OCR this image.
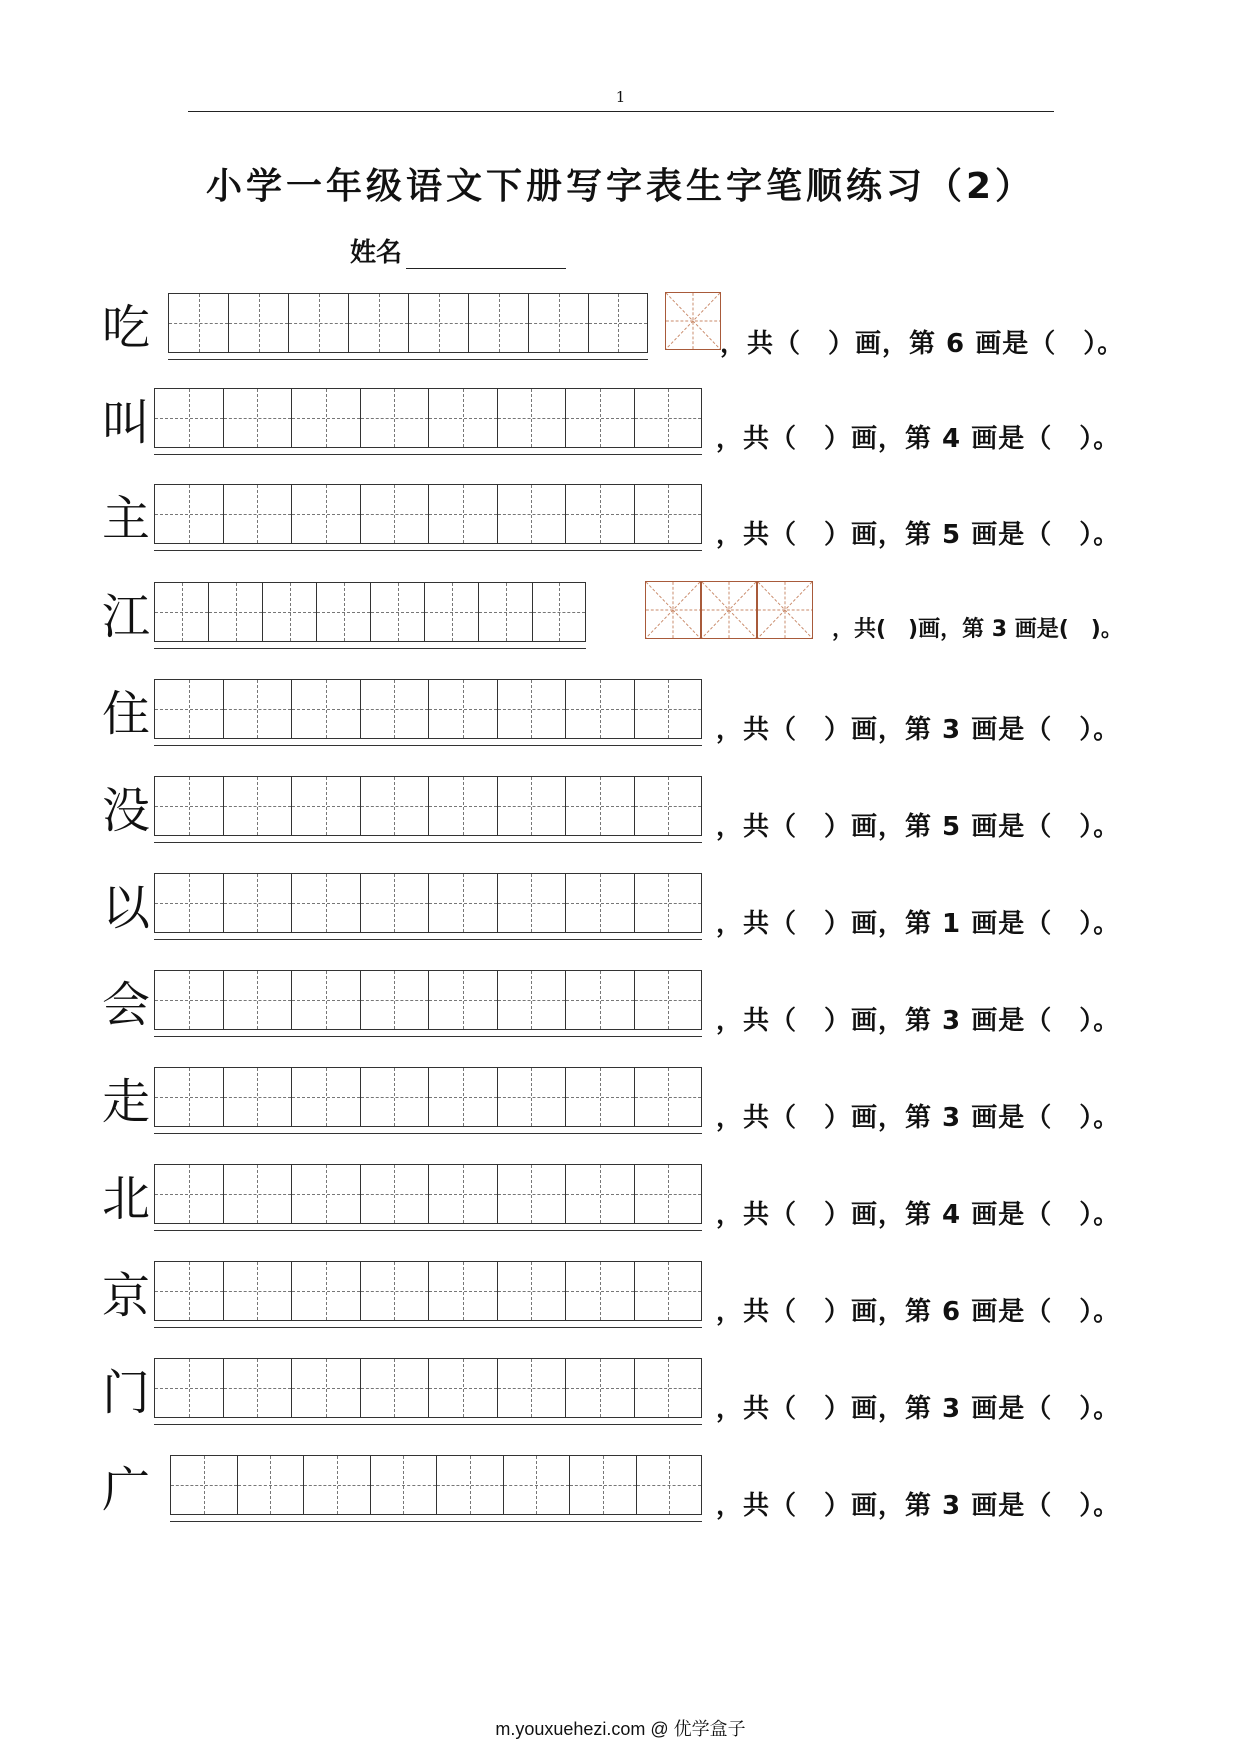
1
小学一年级语文下册写字表生字笔顺练习（2）
姓名
吃	，共（　）画，第 6 画是（　）。
叫	，共（　）画，第 4 画是（　）。
主	，共（　）画，第 5 画是（　）。
江	，共(　)画，第 3 画是(　)。
住	，共（　）画，第 3 画是（　）。
没	，共（　）画，第 5 画是（　）。
以	，共（　）画，第 1 画是（　）。
会	，共（　）画，第 3 画是（　）。
走	，共（　）画，第 3 画是（　）。
北	，共（　）画，第 4 画是（　）。
京	，共（　）画，第 6 画是（　）。
门	，共（　）画，第 3 画是（　）。
广	，共（　）画，第 3 画是（　）。
m.youxuehezi.com @ 优学盒子
